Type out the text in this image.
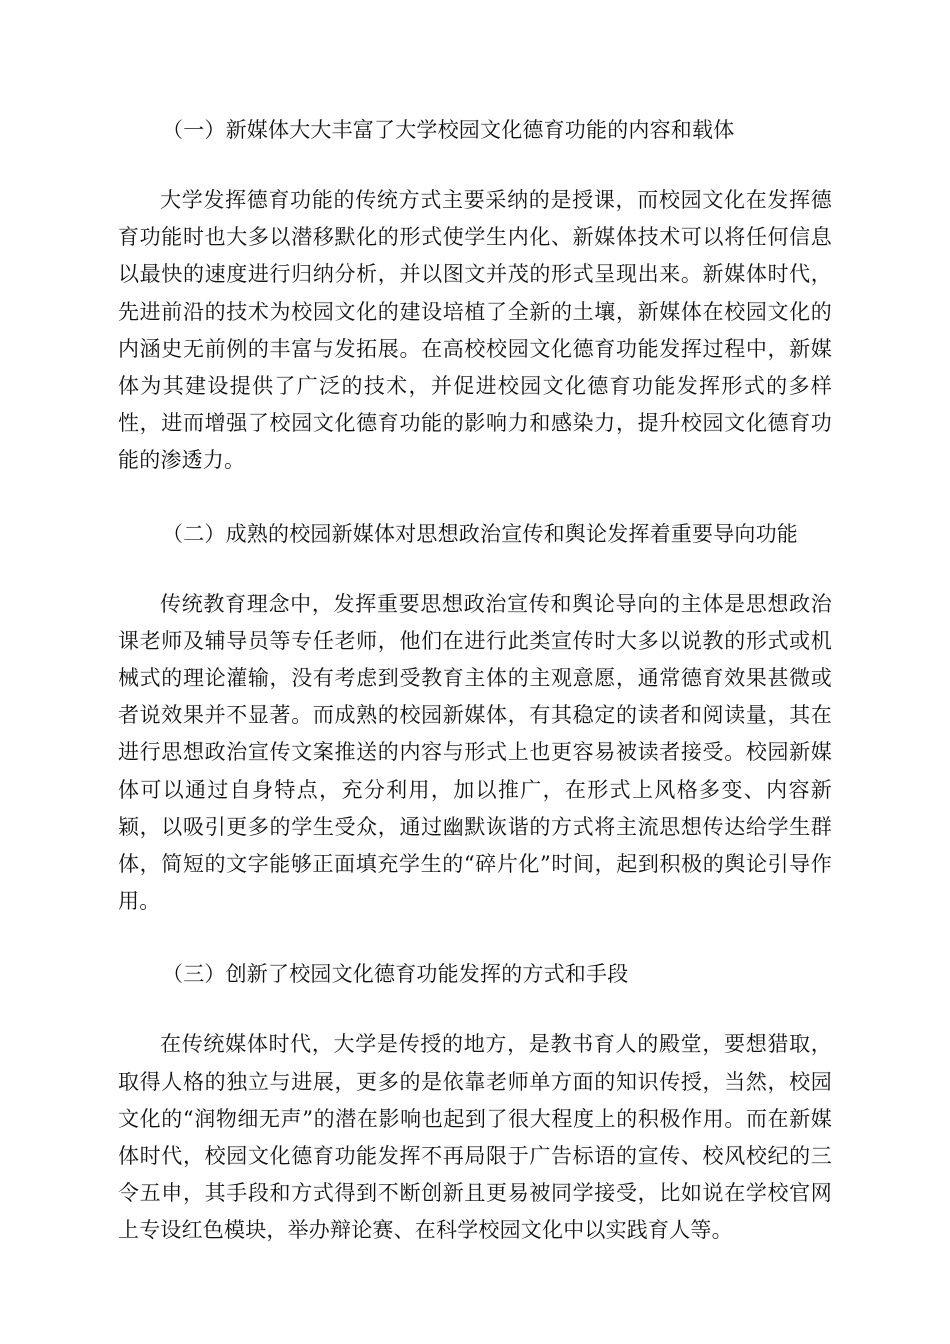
（一）新媒体大大丰富了大学校园文化德育功能的内容和载体

大学发挥德育功能的传统方式主要采纳的是授课，而校园文化在发挥德育功能时也大多以潜移默化的形式使学生内化、新媒体技术可以将任何信息以最快的速度进行归纳分析，并以图文并茂的形式呈现出来。新媒体时代，先进前沿的技术为校园文化的建设培植了全新的土壤，新媒体在校园文化的内涵史无前例的丰富与发拓展。在高校校园文化德育功能发挥过程中，新媒体为其建设提供了广泛的技术，并促进校园文化德育功能发挥形式的多样性，进而增强了校园文化德育功能的影响力和感染力，提升校园文化德育功能的渗透力。

（二）成熟的校园新媒体对思想政治宣传和舆论发挥着重要导向功能

传统教育理念中，发挥重要思想政治宣传和舆论导向的主体是思想政治课老师及辅导员等专任老师，他们在进行此类宣传时大多以说教的形式或机械式的理论灌输，没有考虑到受教育主体的主观意愿，通常德育效果甚微或者说效果并不显著。而成熟的校园新媒体，有其稳定的读者和阅读量，其在进行思想政治宣传文案推送的内容与形式上也更容易被读者接受。校园新媒体可以通过自身特点，充分利用，加以推广，在形式上风格多变、内容新颖，以吸引更多的学生受众，通过幽默诙谐的方式将主流思想传达给学生群体，简短的文字能够正面填充学生的“碎片化”时间，起到积极的舆论引导作用。

（三）创新了校园文化德育功能发挥的方式和手段

在传统媒体时代，大学是传授的地方，是教书育人的殿堂，要想猎取，取得人格的独立与进展，更多的是依靠老师单方面的知识传授，当然，校园文化的“润物细无声”的潜在影响也起到了很大程度上的积极作用。而在新媒体时代，校园文化德育功能发挥不再局限于广告标语的宣传、校风校纪的三令五申，其手段和方式得到不断创新且更易被同学接受，比如说在学校官网上专设红色模块，举办辩论赛、在科学校园文化中以实践育人等。
